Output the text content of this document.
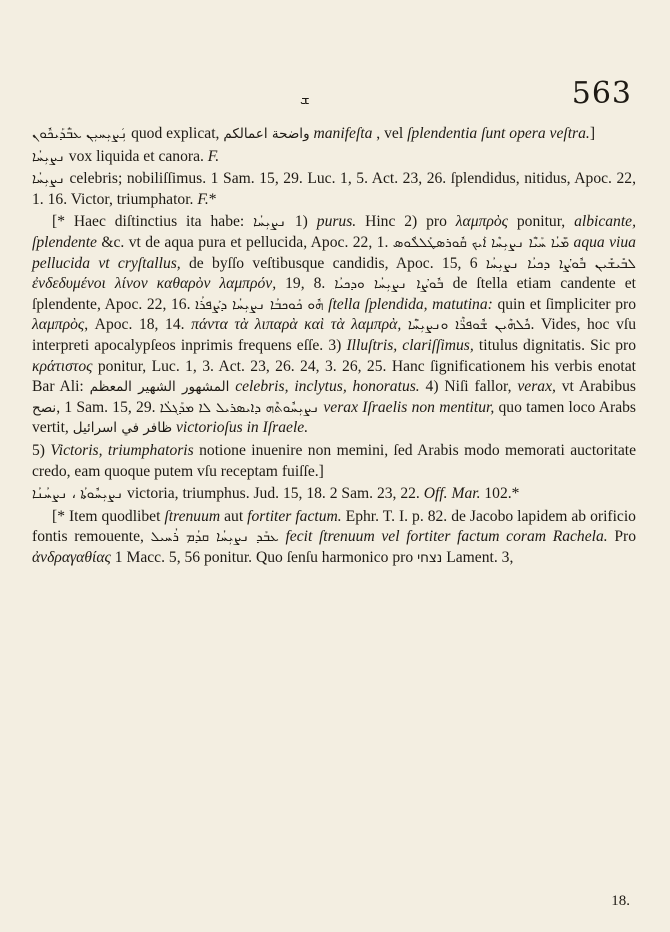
ܫ	563

ܢܲܨܝܼܚܝܼܢ ܥܒ̈ܳܕܰܝܟܽܘܢ quod explicat, واضحة اعمالكم manifeſta , vel ſplendentia ſunt opera veſtra.]

ܢܨܝܼܚܳܐ vox liquida et canora. F.

ܢܨܝܼܚܳܐ celebris; nobiliſſimus. 1 Sam. 15, 29. Luc. 1, 5. Act. 23, 26. ſplendidus, nitidus, Apoc. 22, 1. 16. Victor, triumphator. F.*

[* Haec diſtinctius ita habe: ܢܨܝܼܚܳܐ 1) purus. Hinc 2) pro λαμπρὸς ponitur, albicante, ſplendente &c. vt de aqua pura et pellucida, Apoc. 22, 1. ܡ̈ܰܝܳܐ ܚܰܝ̈ܶܐ ܢܨܝܼܚܶܐ ܐܰܝܟ ܩܽܘܪܣܛܰܠܠܽܘܣ aqua viua pellucida vt cryſtallus, de byſſo veſtibusque candidis, Apoc. 15, 6 ܠܒܺܝܫܺܝܢ ܒܽܘܨܳܐ ܕܟܝܳܐ ܢܨܝܼܚܳܐ ἐνδεδυμένοι λίνον καθαρὸν λαμπρόν, 19, 8. ܒܽܘܨܳܐ ܢܨܝܼܚܳܐ ܘܕܟܝܳܐ de ſtella etiam candente et ſplendente, Apoc. 22, 16. ܗܽܘ ܟܰܘܟܒܳܐ ܢܨܝܼܚܳܐ ܕܨܰܦܪܳܐ ſtella ſplendida, matutina: quin et ſimpliciter pro λαμπρὸς, Apoc. 18, 14. πάντα τὰ λιπαρὰ καὶ τὰ λαμπρὰ, ܟܽܠܗܶܝܢ ܫܽܘܦܪ̈ܶܐ ܘܢܨܝܼܚ̈ܶܐ. Vides, hoc vſu interpreti apocalypſeos inprimis frequens eſſe. 3) Illuſtris, clariſſimus, titulus dignitatis. Sic pro κράτιστος ponitur, Luc. 1, 3. Act. 23, 26. 24, 3. 26, 25. Hanc ſignificationem his verbis enotat Bar Ali: المشهور الشهير المعظم celebris, inclytus, honoratus. 4) Niſi fallor, verax, vt Arabibus نصح, 1 Sam. 15, 29. ܢܨܝܼܚܽܘܬܶܗ ܕܐܝܣܪܝܠ ܠܐ ܡܕܰܓܠܳܐ verax Iſraelis non mentitur, quo tamen loco Arabs vertit, ظافر في اسرائيل victorioſus in Iſraele.

5) Victoris, triumphatoris notione inuenire non memini, ſed Arabis modo memorati auctoritate credo, eam quoque putem vſu receptam fuiſſe.]

ܢܨܝܼܚܽܘܬܳܐ ، ܢܨܚܳܢܳܐ victoria, triumphus. Jud. 15, 18. 2 Sam. 23, 22. Off. Mar. 102.*

[* Item quodlibet ſtrenuum aut fortiter factum. Ephr. T. I. p. 82. de Jacobo lapidem ab orificio fontis remouente, ܥܒܰܕ ܢܨܝܼܚܳܐ ܩܕܳܡ ܪܳܚܝܠ fecit ſtrenuum vel fortiter factum coram Rachela. Pro ἀνδραγαθίας 1 Macc. 5, 56 ponitur. Quo ſenſu harmonico pro נצחי Lament. 3,

18.
